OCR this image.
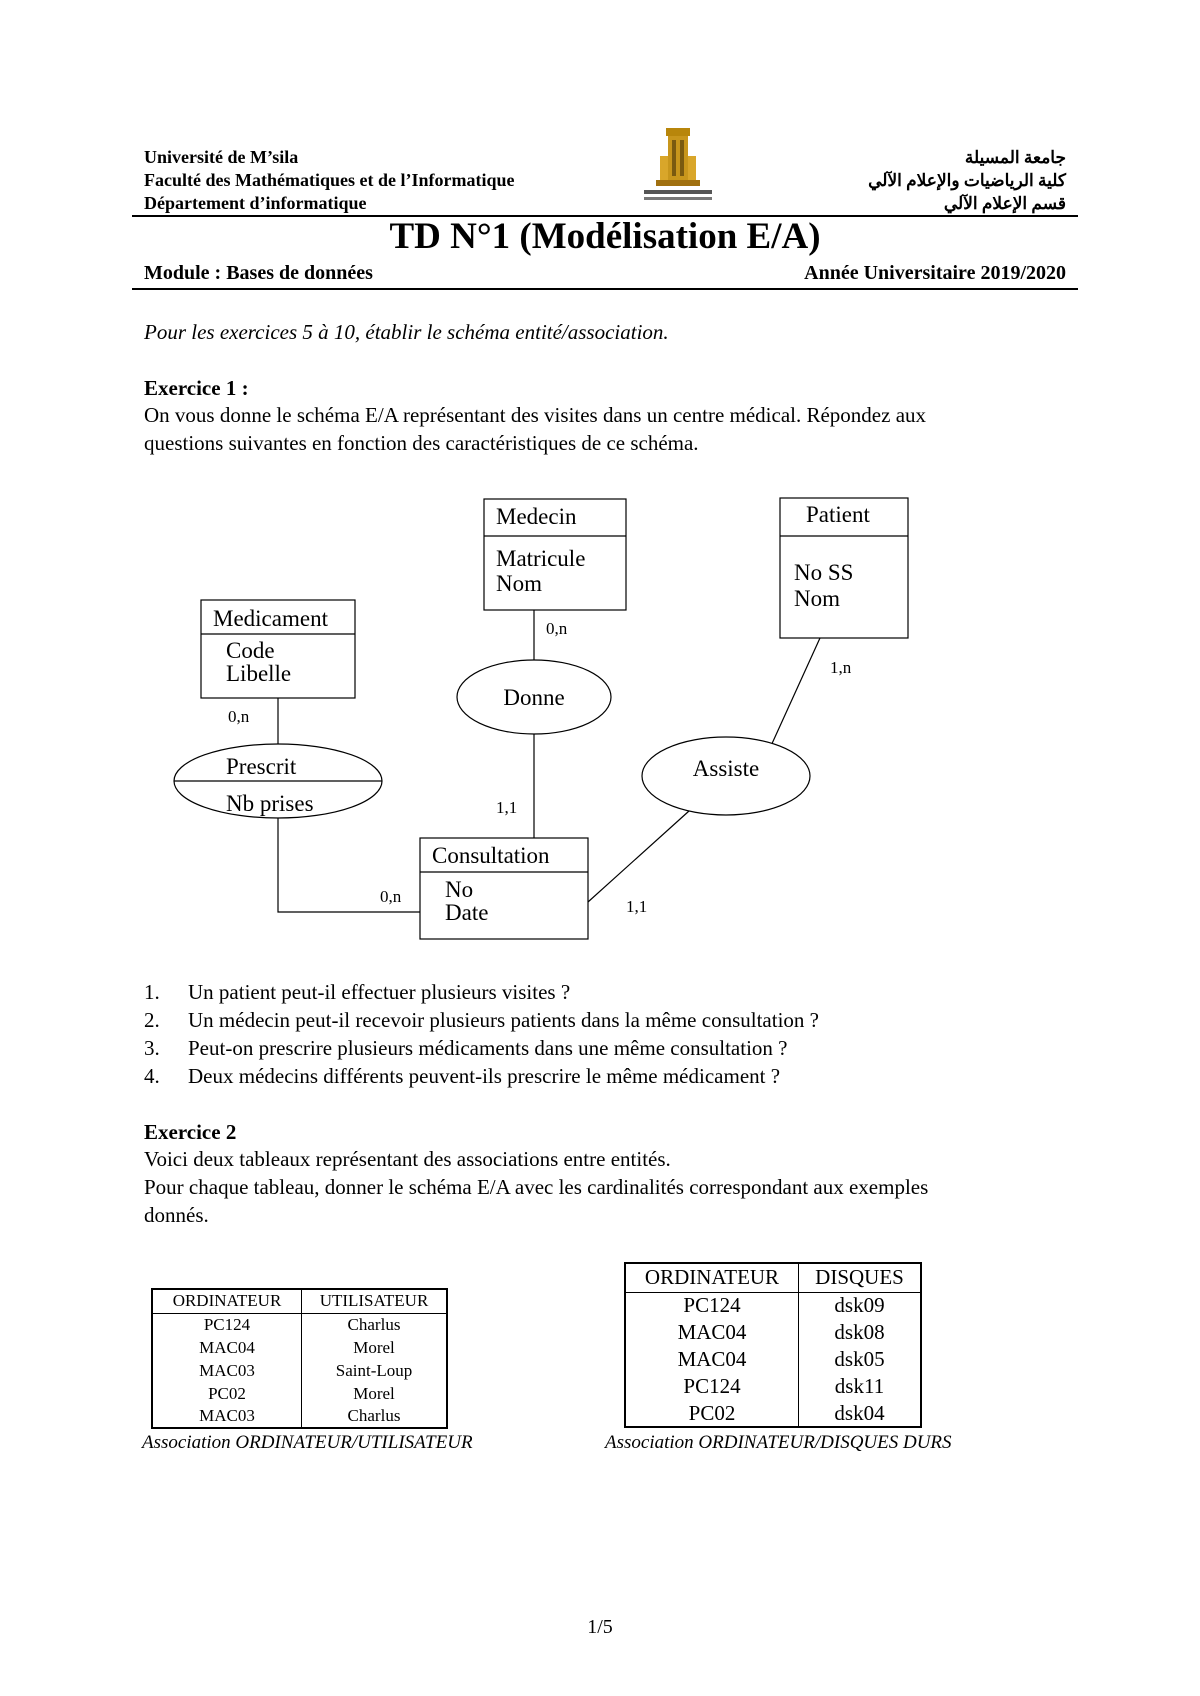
Université de M’sila
Faculté des Mathématiques et de l’Informatique
Département d’informatique
جامعة المسيلة
كلية الرياضيات والإعلام الآلي
قسم الإعلام الآلي
TD N°1 (Modélisation E/A)
Module : Bases de données	Année Universitaire 2019/2020
Pour les exercices 5 à 10, établir le schéma entité/association.
Exercice 1 :
On vous donne le schéma E/A représentant des visites dans un centre médical. Répondez aux
questions suivantes en fonction des caractéristiques de ce schéma.
Medecin
Matricule
Nom
Patient
No SS
Nom
Medicament
Code
Libelle
Consultation
No
Date
Donne
Assiste
Prescrit
Nb prises
0,n
1,1
1,n
1,1
0,n
0,n
1.	Un patient peut-il effectuer plusieurs visites ?
2.	Un médecin peut-il recevoir plusieurs patients dans la même consultation ?
3.	Peut-on prescrire plusieurs médicaments dans une même consultation ?
4.	Deux médecins différents peuvent-ils prescrire le même médicament ?
Exercice 2
Voici deux tableaux représentant des associations entre entités.
Pour chaque tableau, donner le schéma E/A avec les cardinalités correspondant aux exemples
donnés.
ORDINATEUR	UTILISATEUR
PC124	Charlus
MAC04	Morel
MAC03	Saint-Loup
PC02	Morel
MAC03	Charlus
Association ORDINATEUR/UTILISATEUR
ORDINATEUR	DISQUES
PC124	dsk09
MAC04	dsk08
MAC04	dsk05
PC124	dsk11
PC02	dsk04
Association ORDINATEUR/DISQUES DURS
1/5
